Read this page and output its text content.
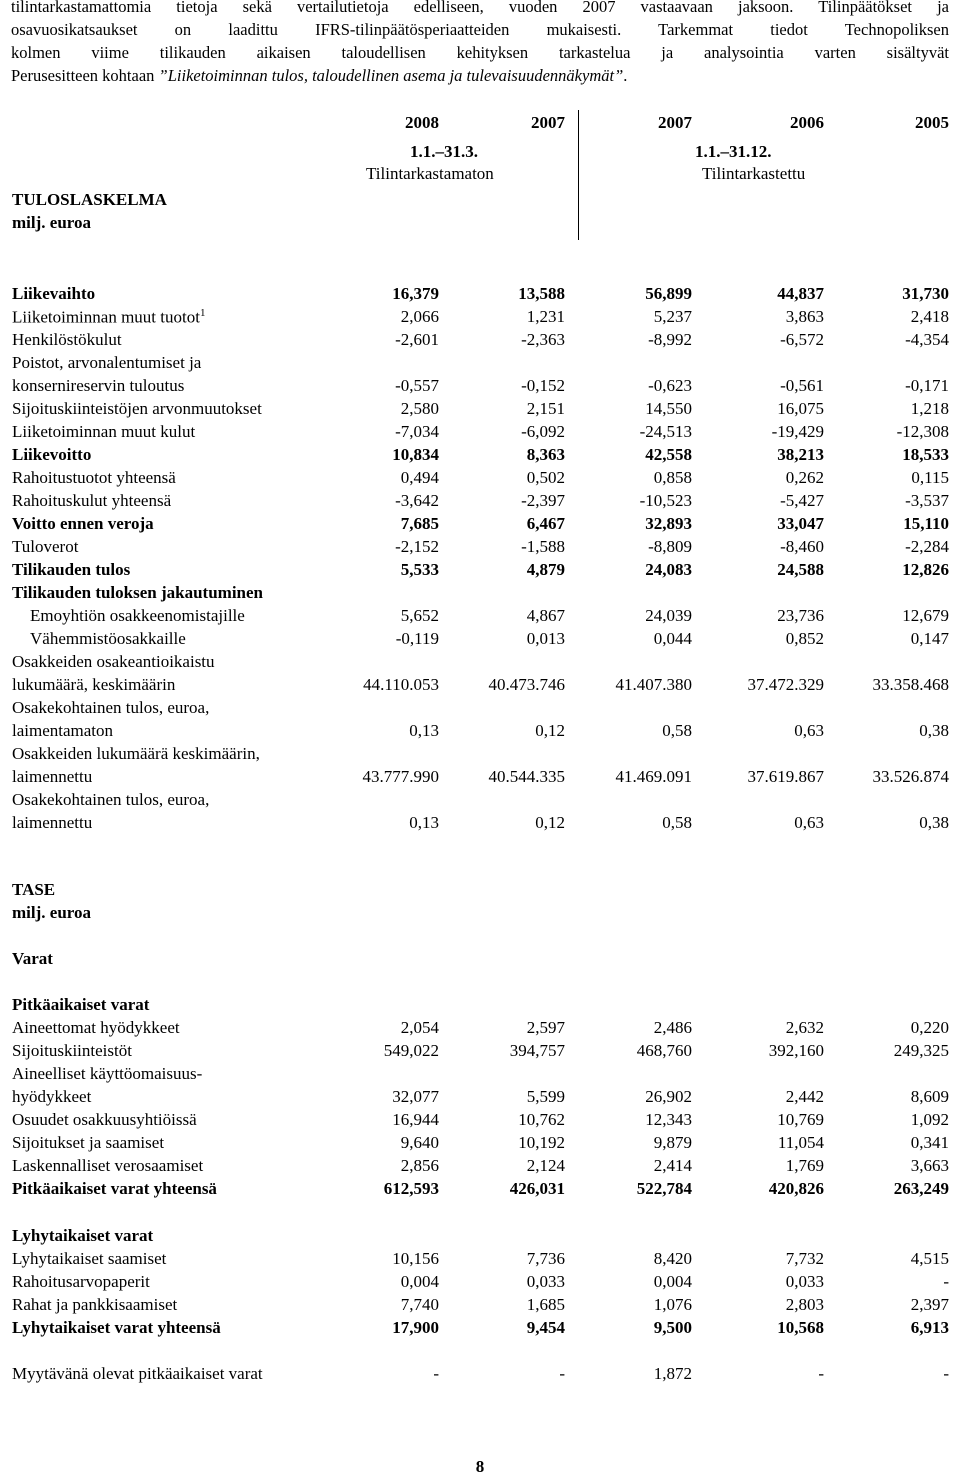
tilintarkastamattomia tietoja sekä vertailutietoja edelliseen, vuoden 2007 vastaavaan jaksoon. Tilinpäätökset ja
osavuosikatsaukset on laadittu IFRS-tilinpäätösperiaatteiden mukaisesti. Tarkemmat tiedot Technopoliksen
kolmen viime tilikauden aikaisen taloudellisen kehityksen tarkastelua ja analysointia varten sisältyvät
Perusesitteen kohtaan ”Liiketoiminnan tulos, taloudellinen asema ja tulevaisuudennäkymät”.
2008	2007	2007	2006	2005
1.1.–31.3.	1.1.–31.12.
Tilintarkastamaton	Tilintarkastettu
TULOSLASKELMA
milj. euroa
Liikevaihto	16,379	13,588	56,899	44,837	31,730
Liiketoiminnan muut tuotot$^1$	2,066	1,231	5,237	3,863	2,418
Henkilöstökulut	-2,601	-2,363	-8,992	-6,572	-4,354
Poistot, arvonalentumiset ja
konsernireservin tuloutus	-0,557	-0,152	-0,623	-0,561	-0,171
Sijoituskiinteistöjen arvonmuutokset	2,580	2,151	14,550	16,075	1,218
Liiketoiminnan muut kulut	-7,034	-6,092	-24,513	-19,429	-12,308
Liikevoitto	10,834	8,363	42,558	38,213	18,533
Rahoitustuotot yhteensä	0,494	0,502	0,858	0,262	0,115
Rahoituskulut yhteensä	-3,642	-2,397	-10,523	-5,427	-3,537
Voitto ennen veroja	7,685	6,467	32,893	33,047	15,110
Tuloverot	-2,152	-1,588	-8,809	-8,460	-2,284
Tilikauden tulos	5,533	4,879	24,083	24,588	12,826
Tilikauden tuloksen jakautuminen
Emoyhtiön osakkeenomistajille	5,652	4,867	24,039	23,736	12,679
Vähemmistöosakkaille	-0,119	0,013	0,044	0,852	0,147
Osakkeiden osakeantioikaistu
lukumäärä, keskimäärin	44.110.053	40.473.746	41.407.380	37.472.329	33.358.468
Osakekohtainen tulos, euroa,
laimentamaton	0,13	0,12	0,58	0,63	0,38
Osakkeiden lukumäärä keskimäärin,
laimennettu	43.777.990	40.544.335	41.469.091	37.619.867	33.526.874
Osakekohtainen tulos, euroa,
laimennettu	0,13	0,12	0,58	0,63	0,38
TASE
milj. euroa
Varat
Pitkäaikaiset varat
Aineettomat hyödykkeet	2,054	2,597	2,486	2,632	0,220
Sijoituskiinteistöt	549,022	394,757	468,760	392,160	249,325
Aineelliset käyttöomaisuus-
hyödykkeet	32,077	5,599	26,902	2,442	8,609
Osuudet osakkuusyhtiöissä	16,944	10,762	12,343	10,769	1,092
Sijoitukset ja saamiset	9,640	10,192	9,879	11,054	0,341
Laskennalliset verosaamiset	2,856	2,124	2,414	1,769	3,663
Pitkäaikaiset varat yhteensä	612,593	426,031	522,784	420,826	263,249
Lyhytaikaiset varat
Lyhytaikaiset saamiset	10,156	7,736	8,420	7,732	4,515
Rahoitusarvopaperit	0,004	0,033	0,004	0,033	-
Rahat ja pankkisaamiset	7,740	1,685	1,076	2,803	2,397
Lyhytaikaiset varat yhteensä	17,900	9,454	9,500	10,568	6,913
Myytävänä olevat pitkäaikaiset varat	-	-	1,872	-	-
8
